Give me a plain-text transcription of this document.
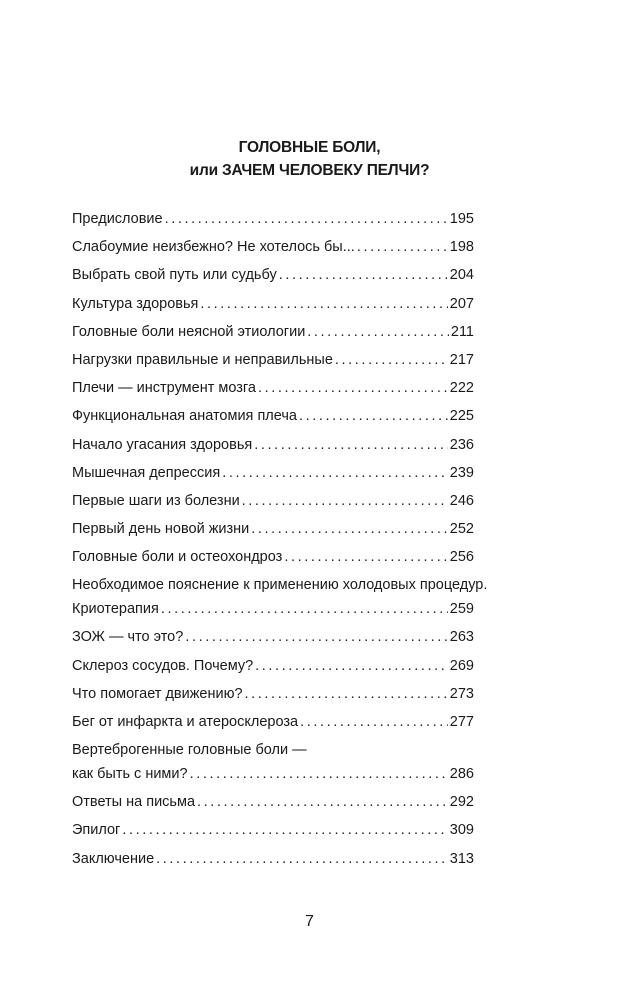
ГОЛОВНЫЕ БОЛИ,
или ЗАЧЕМ ЧЕЛОВЕКУ ПЕЛЧИ?
Предисловие .....	195
Слабоумие неизбежно? Не хотелось бы... .....	198
Выбрать свой путь или судьбу .....	204
Культура здоровья .....	207
Головные боли неясной этиологии .....	211
Нагрузки правильные и неправильные .....	217
Плечи — инструмент мозга .....	222
Функциональная анатомия плеча .....	225
Начало угасания здоровья .....	236
Мышечная депрессия .....	239
Первые шаги из болезни .....	246
Первый день новой жизни .....	252
Головные боли и остеохондроз .....	256
Необходимое пояснение к применению холодовых процедур.
Криотерапия .....	259
ЗОЖ — что это? .....	263
Склероз сосудов. Почему? .....	269
Что помогает движению? .....	273
Бег от инфаркта и атеросклероза .....	277
Вертеброгенные головные боли —
как быть с ними? .....	286
Ответы на письма .....	292
Эпилог .....	309
Заключение .....	313
7
